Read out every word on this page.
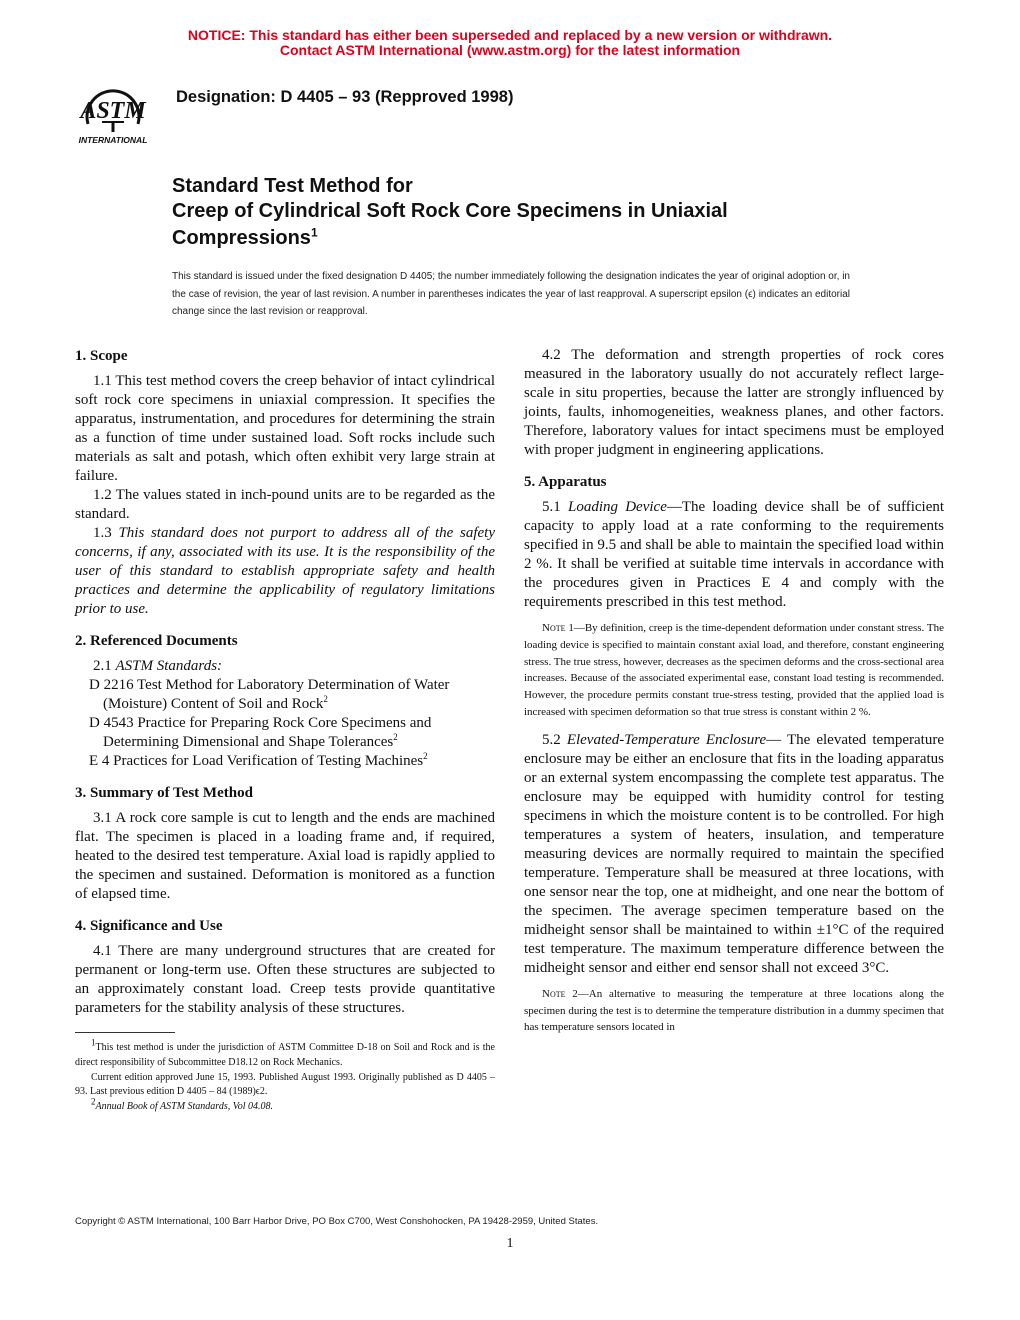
NOTICE: This standard has either been superseded and replaced by a new version or withdrawn.
Contact ASTM International (www.astm.org) for the latest information
ASTM
INTERNATIONAL
Designation: D 4405 – 93 (Repproved 1998)
Standard Test Method for
Creep of Cylindrical Soft Rock Core Specimens in Uniaxial
Compressions$^1$
This standard is issued under the fixed designation D 4405; the number immediately following the designation indicates the year of original adoption or, in the case of revision, the year of last revision. A number in parentheses indicates the year of last reapproval. A superscript epsilon (ϵ) indicates an editorial change since the last revision or reapproval.
1. Scope

1.1 This test method covers the creep behavior of intact cylindrical soft rock core specimens in uniaxial compression. It specifies the apparatus, instrumentation, and procedures for determining the strain as a function of time under sustained load. Soft rocks include such materials as salt and potash, which often exhibit very large strain at failure.

1.2 The values stated in inch-pound units are to be regarded as the standard.

1.3 This standard does not purport to address all of the safety concerns, if any, associated with its use. It is the responsibility of the user of this standard to establish appropriate safety and health practices and determine the applicability of regulatory limitations prior to use.

2. Referenced Documents

2.1 ASTM Standards:

D 2216 Test Method for Laboratory Determination of Water (Moisture) Content of Soil and Rock$^2$

D 4543 Practice for Preparing Rock Core Specimens and Determining Dimensional and Shape Tolerances$^2$

E 4 Practices for Load Verification of Testing Machines$^2$

3. Summary of Test Method

3.1 A rock core sample is cut to length and the ends are machined flat. The specimen is placed in a loading frame and, if required, heated to the desired test temperature. Axial load is rapidly applied to the specimen and sustained. Deformation is monitored as a function of elapsed time.

4. Significance and Use

4.1 There are many underground structures that are created for permanent or long-term use. Often these structures are subjected to an approximately constant load. Creep tests provide quantitative parameters for the stability analysis of these structures.

$^1$This test method is under the jurisdiction of ASTM Committee D-18 on Soil and Rock and is the direct responsibility of Subcommittee D18.12 on Rock Mechanics.

Current edition approved June 15, 1993. Published August 1993. Originally published as D 4405 – 93. Last previous edition D 4405 – 84 (1989)ϵ2.

$^2$Annual Book of ASTM Standards, Vol 04.08.

4.2 The deformation and strength properties of rock cores measured in the laboratory usually do not accurately reflect large-scale in situ properties, because the latter are strongly influenced by joints, faults, inhomogeneities, weakness planes, and other factors. Therefore, laboratory values for intact specimens must be employed with proper judgment in engineering applications.

5. Apparatus

5.1 Loading Device—The loading device shall be of sufficient capacity to apply load at a rate conforming to the requirements specified in 9.5 and shall be able to maintain the specified load within 2 %. It shall be verified at suitable time intervals in accordance with the procedures given in Practices E 4 and comply with the requirements prescribed in this test method.

Note 1—By definition, creep is the time-dependent deformation under constant stress. The loading device is specified to maintain constant axial load, and therefore, constant engineering stress. The true stress, however, decreases as the specimen deforms and the cross-sectional area increases. Because of the associated experimental ease, constant load testing is recommended. However, the procedure permits constant true-stress testing, provided that the applied load is increased with specimen deformation so that true stress is constant within 2 %.

5.2 Elevated-Temperature Enclosure— The elevated temperature enclosure may be either an enclosure that fits in the loading apparatus or an external system encompassing the complete test apparatus. The enclosure may be equipped with humidity control for testing specimens in which the moisture content is to be controlled. For high temperatures a system of heaters, insulation, and temperature measuring devices are normally required to maintain the specified temperature. Temperature shall be measured at three locations, with one sensor near the top, one at midheight, and one near the bottom of the specimen. The average specimen temperature based on the midheight sensor shall be maintained to within ±1°C of the required test temperature. The maximum temperature difference between the midheight sensor and either end sensor shall not exceed 3°C.

Note 2—An alternative to measuring the temperature at three locations along the specimen during the test is to determine the temperature distribution in a dummy specimen that has temperature sensors located in

Copyright © ASTM International, 100 Barr Harbor Drive, PO Box C700, West Conshohocken, PA 19428-2959, United States.
1
